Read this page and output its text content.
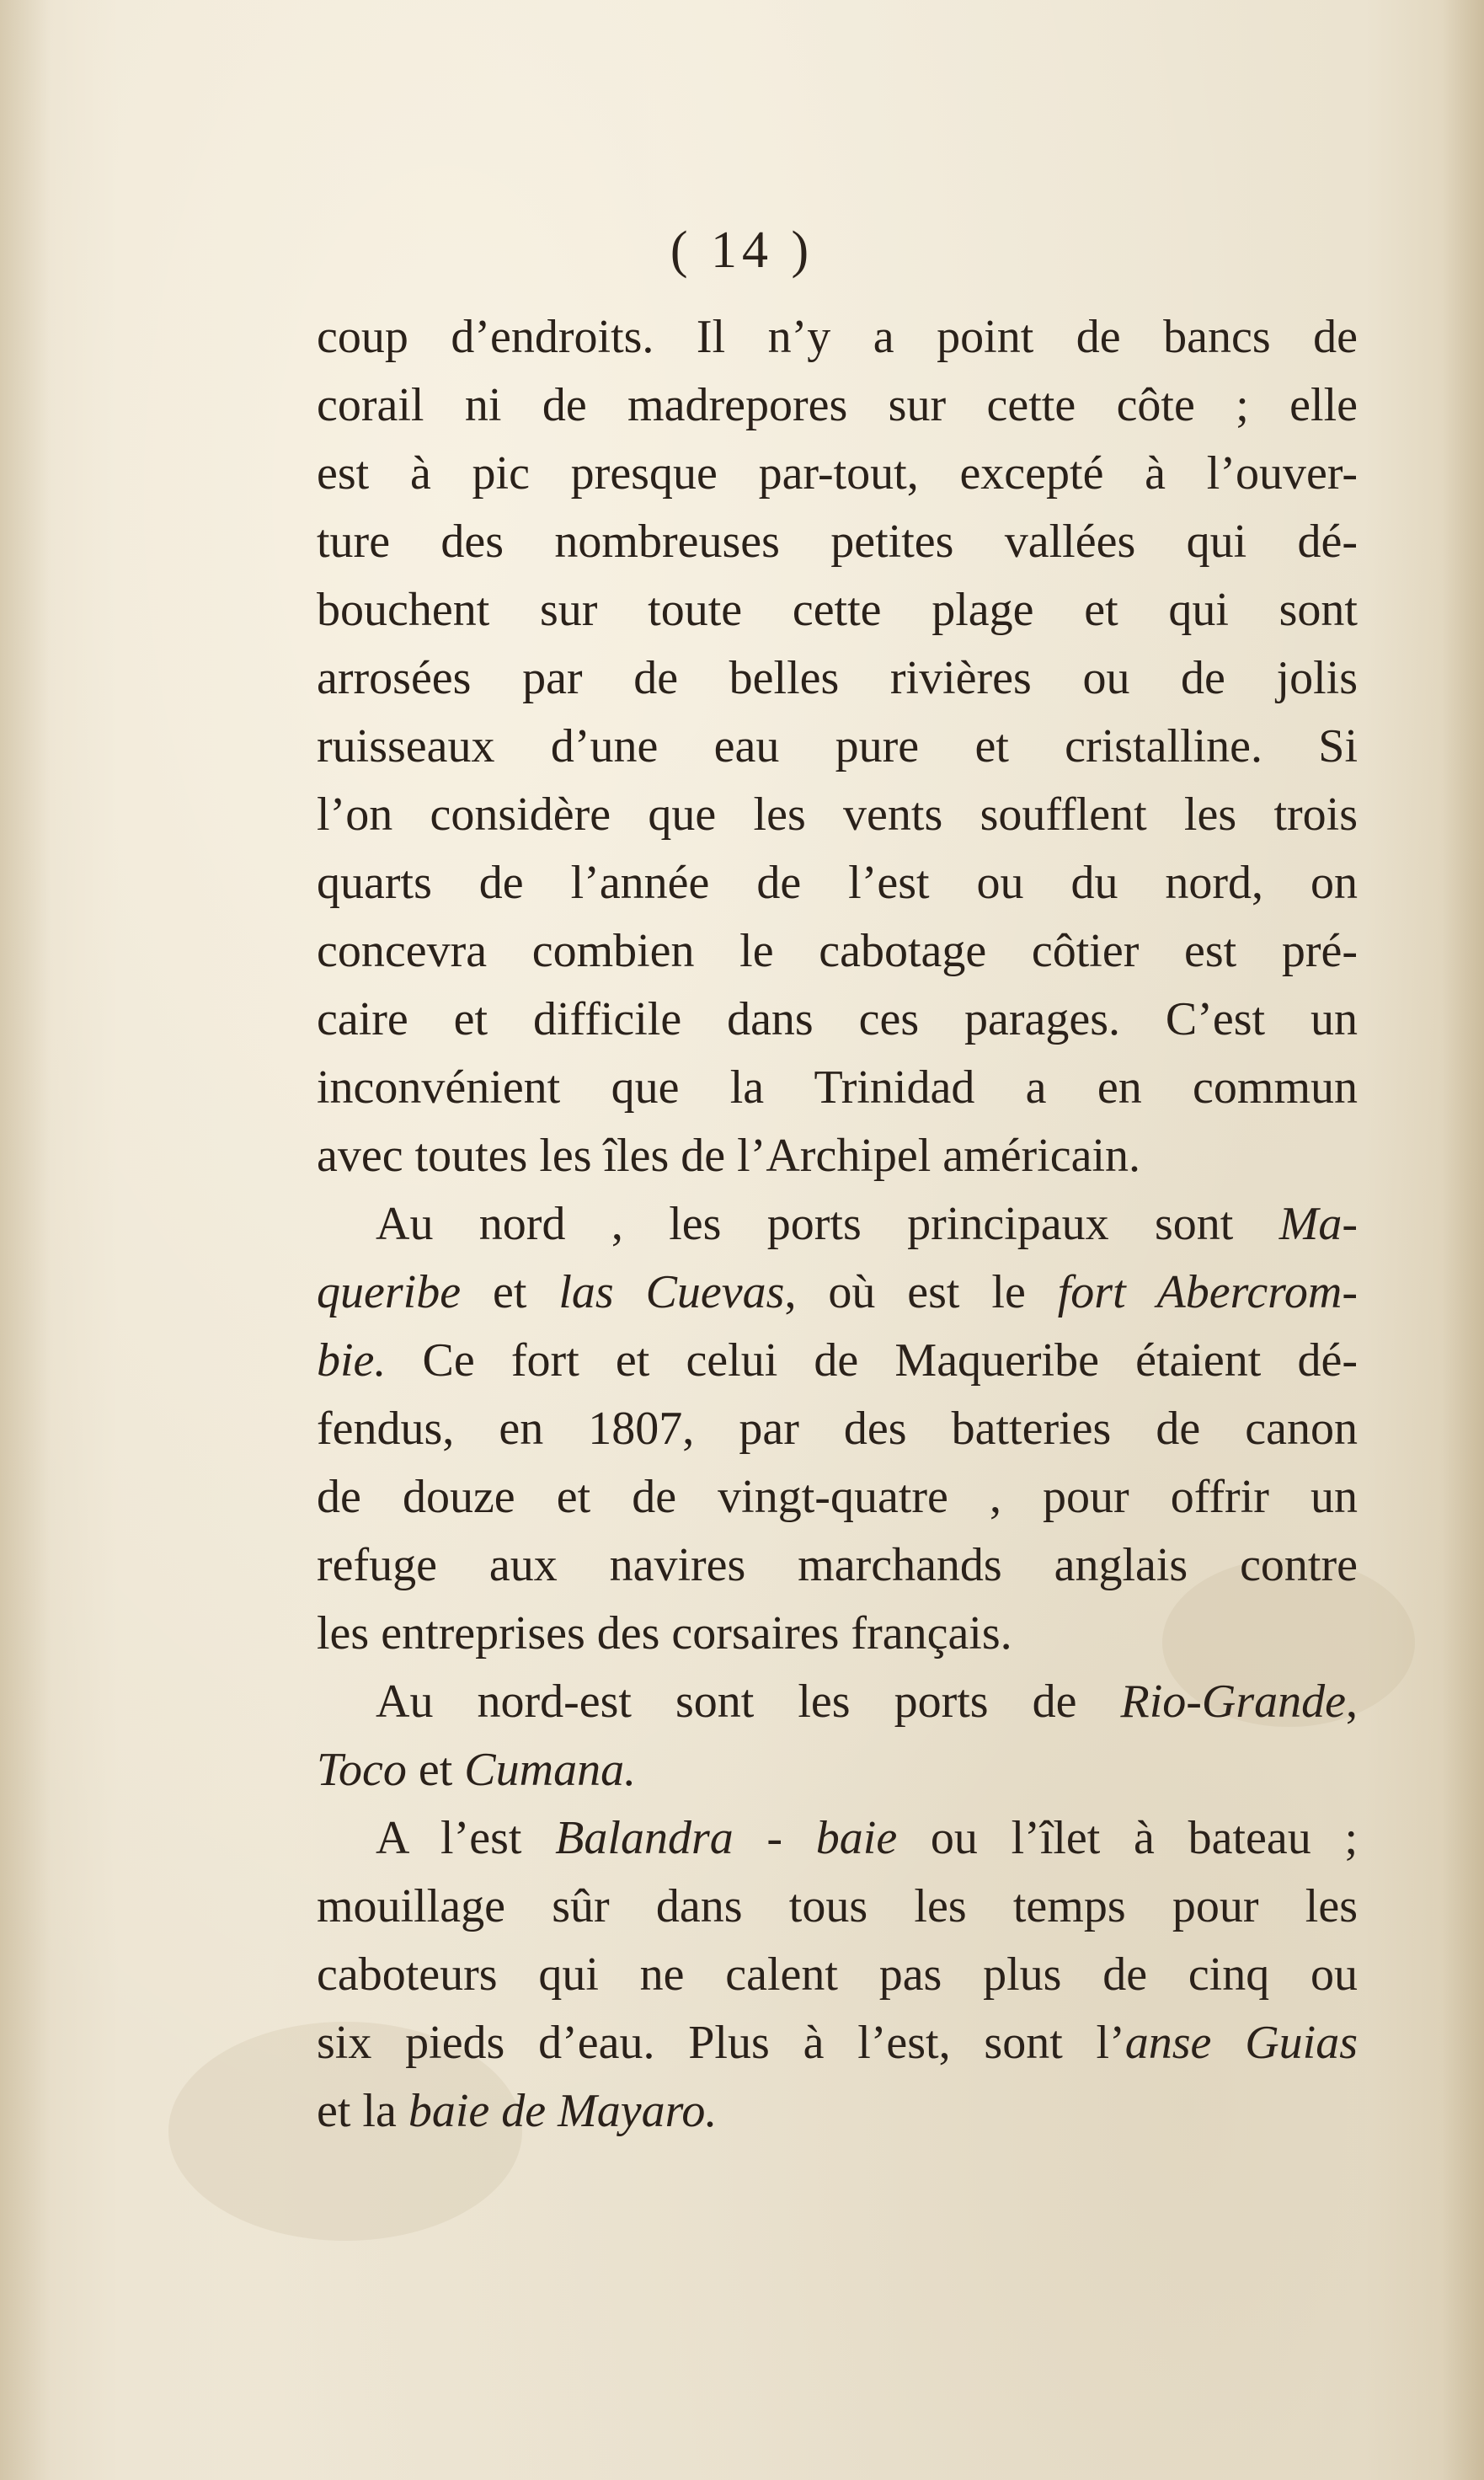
( 14 )
coup d’endroits. Il n’y a point de bancs de
corail ni de madrepores sur cette côte ; elle
est à pic presque par-tout, excepté à l’ouver-
ture des nombreuses petites vallées qui dé-
bouchent sur toute cette plage et qui sont
arrosées par de belles rivières ou de jolis
ruisseaux d’une eau pure et cristalline. Si
l’on considère que les vents soufflent les trois
quarts de l’année de l’est ou du nord, on
concevra combien le cabotage côtier est pré-
caire et difficile dans ces parages. C’est un
inconvénient que la Trinidad a en commun
avec toutes les îles de l’Archipel américain.
Au nord , les ports principaux sont Ma-
queribe et las Cuevas, où est le fort Abercrom-
bie. Ce fort et celui de Maqueribe étaient dé-
fendus, en 1807, par des batteries de canon
de douze et de vingt-quatre , pour offrir un
refuge aux navires marchands anglais contre
les entreprises des corsaires français.
Au nord-est sont les ports de Rio-Grande,
Toco et Cumana.
A l’est Balandra - baie ou l’îlet à bateau ;
mouillage sûr dans tous les temps pour les
caboteurs qui ne calent pas plus de cinq ou
six pieds d’eau. Plus à l’est, sont l’anse Guias
et la baie de Mayaro.
